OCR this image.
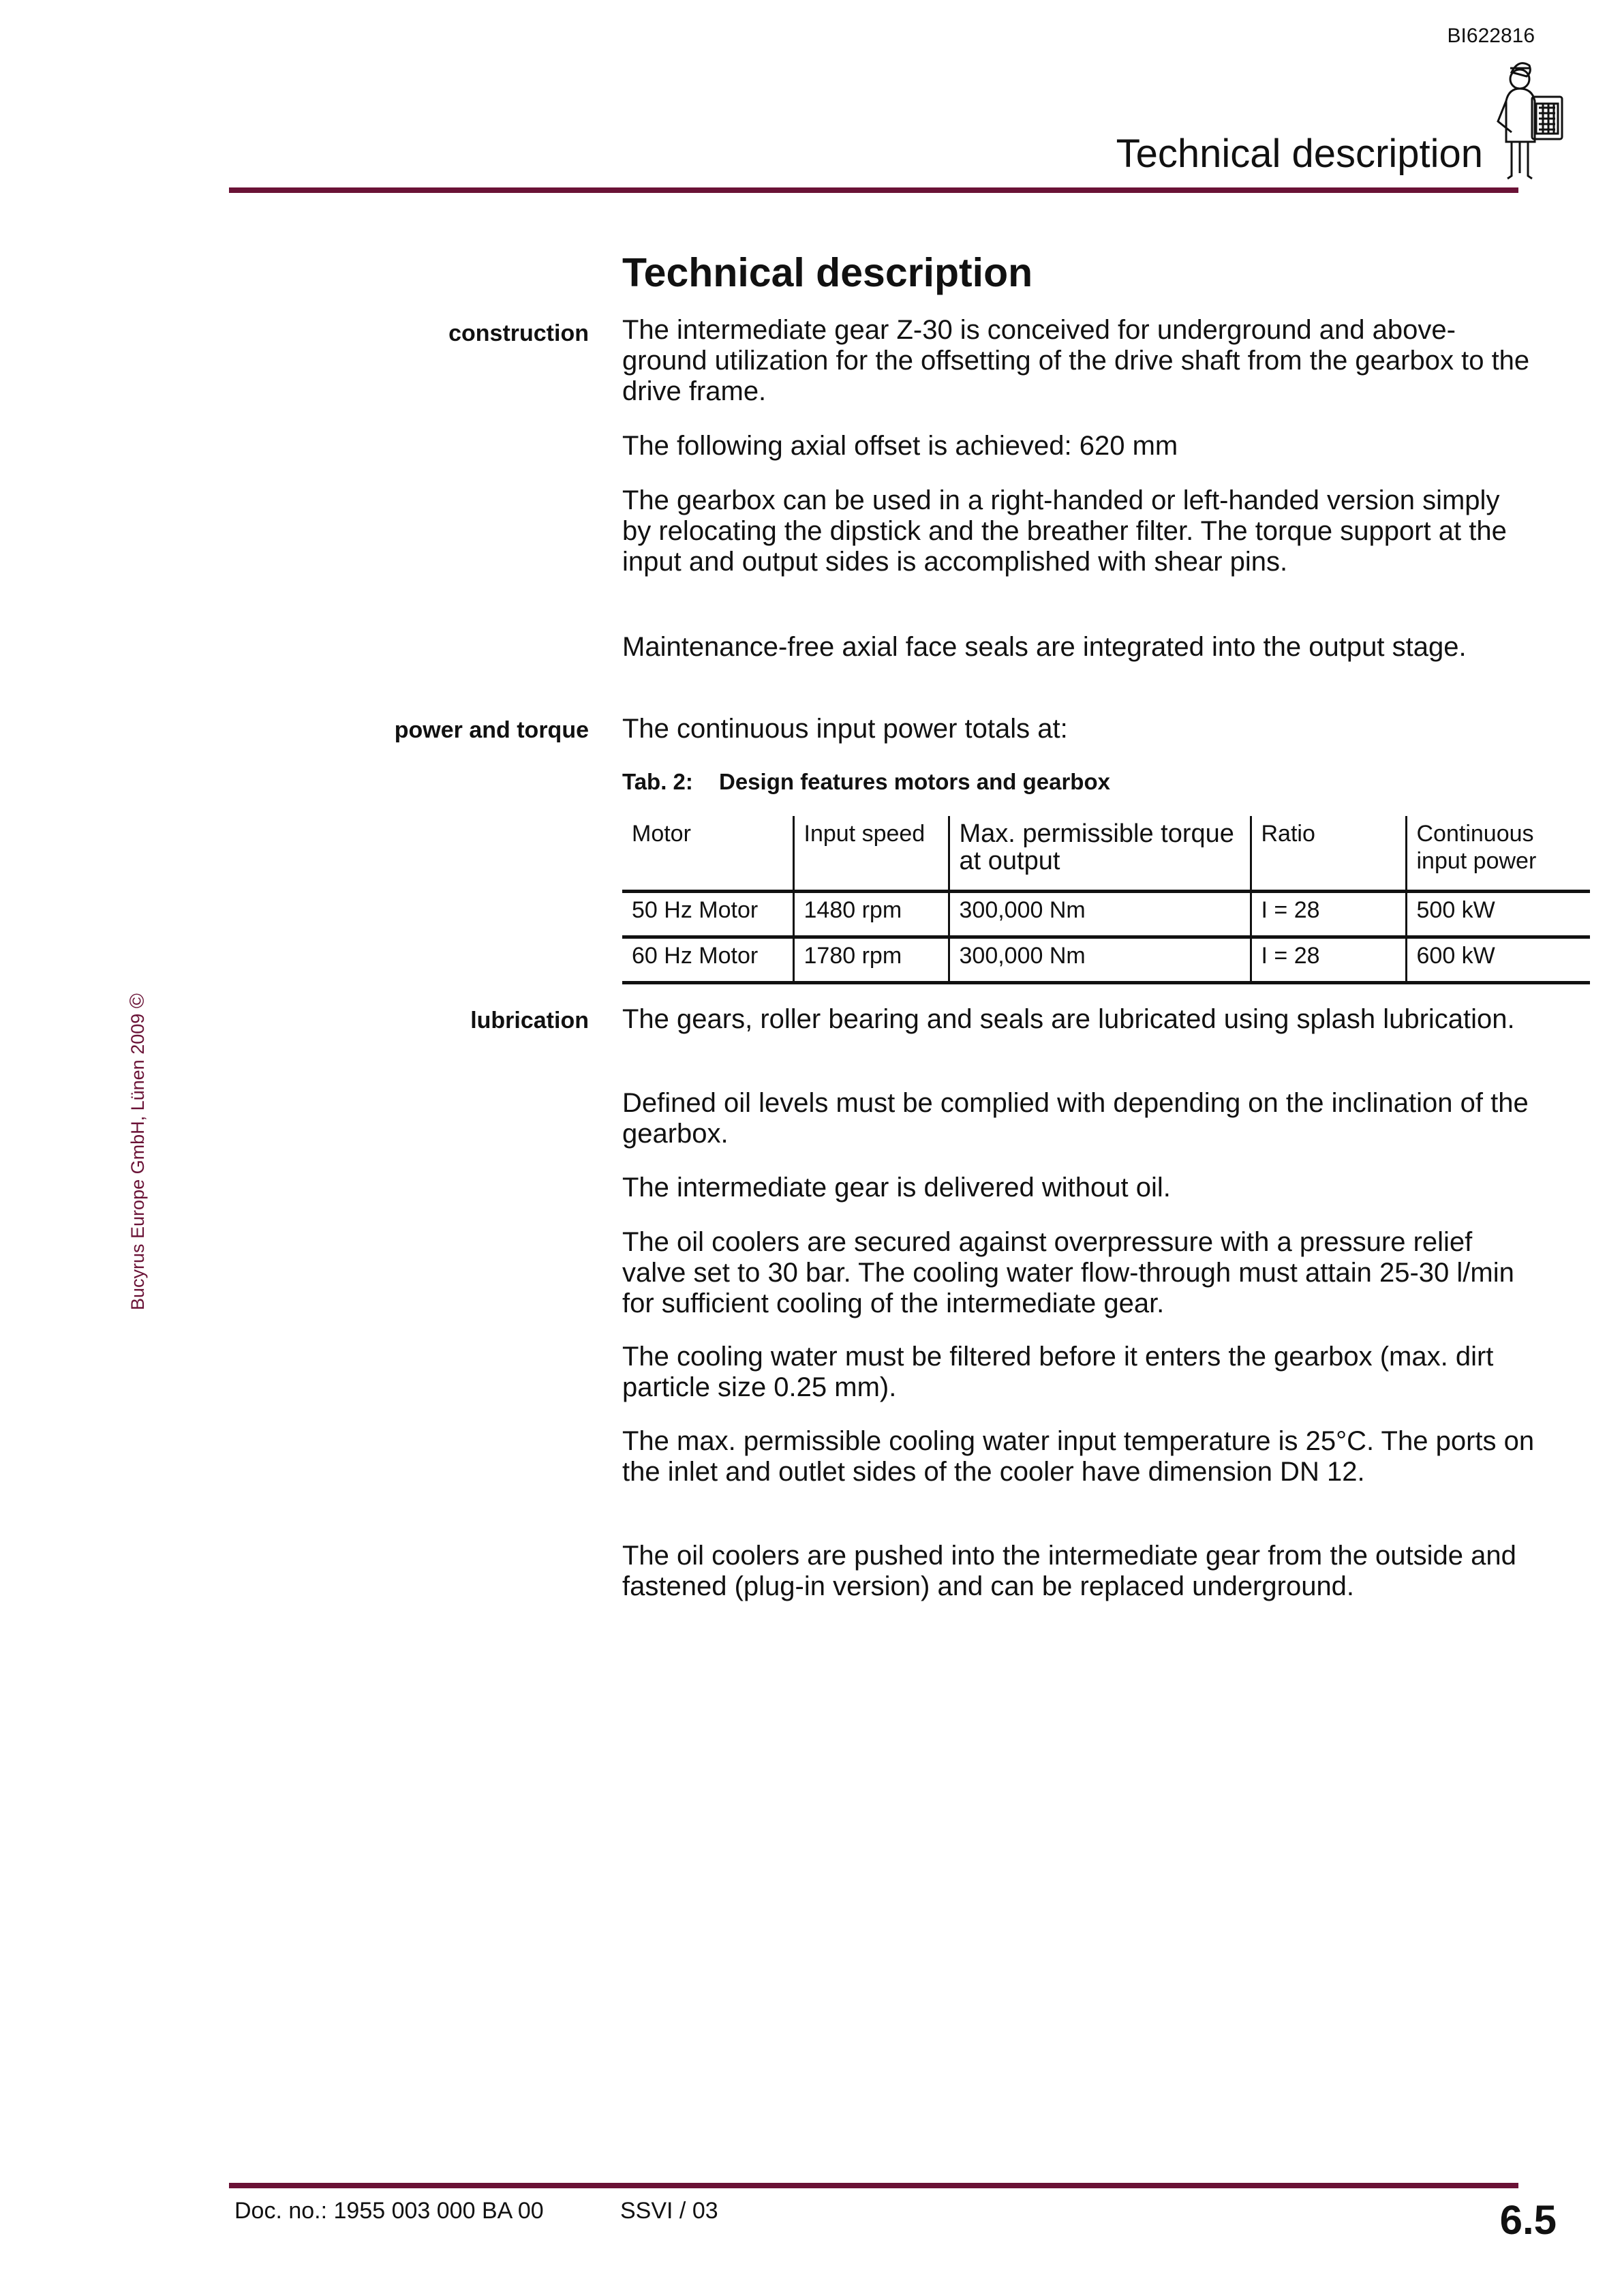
BI622816
Technical description
Technical description
construction
power and torque
lubrication

The intermediate gear Z-30 is conceived for underground and above-ground utilization for the offsetting of the drive shaft from the gearbox to the drive frame.

The following axial offset is achieved: 620 mm

The gearbox can be used in a right-handed or left-handed version simply by relocating the dipstick and the breather filter. The torque support at the input and output sides is accomplished with shear pins.

Maintenance-free axial face seals are integrated into the output stage.

The continuous input power totals at:

Tab. 2: Design features motors and gearbox
Motor	Input speed	Max. permissible torque at output	Ratio	Continuous input power
50 Hz Motor	1480 rpm	300,000 Nm	I = 28	500 kW
60 Hz Motor	1780 rpm	300,000 Nm	I = 28	600 kW

The gears, roller bearing and seals are lubricated using splash lubrication.

Defined oil levels must be complied with depending on the inclination of the gearbox.

The intermediate gear is delivered without oil.

The oil coolers are secured against overpressure with a pressure relief valve set to 30 bar. The cooling water flow-through must attain 25-30 l/min for sufficient cooling of the intermediate gear.

The cooling water must be filtered before it enters the gearbox (max. dirt particle size 0.25 mm).

The max. permissible cooling water input temperature is 25°C. The ports on the inlet and outlet sides of the cooler have dimension DN 12.

The oil coolers are pushed into the intermediate gear from the outside and fastened (plug-in version) and can be replaced underground.

Bucyrus Europe GmbH, Lünen 2009 ©
Doc. no.: 1955 003 000 BA 00	SSVI / 03	6.5
